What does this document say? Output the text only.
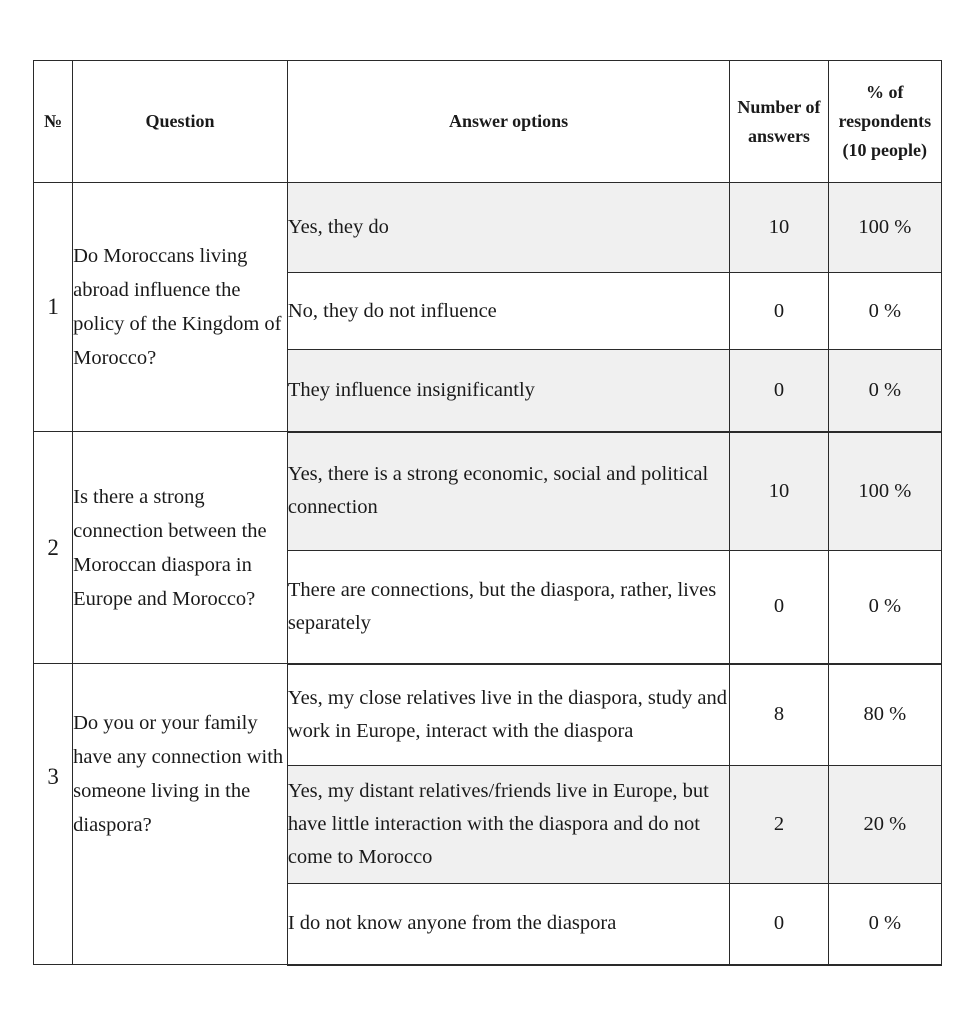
№	Question	Answer options	Number of answers	% of respondents (10 people)
1	Do Moroccans living abroad influence the policy of the Kingdom of Morocco?	Yes, they do	10	100 %
		No, they do not influence	0	0 %
		They influence insignificantly	0	0 %
2	Is there a strong connection between the Moroccan diaspora in Europe and Morocco?	Yes, there is a strong economic, social and political connection	10	100 %
		There are connections, but the diaspora, rather, lives separately	0	0 %
3	Do you or your family have any connection with someone living in the diaspora?	Yes, my close relatives live in the diaspora, study and work in Europe, interact with the diaspora	8	80 %
		Yes, my distant relatives/friends live in Europe, but have little interaction with the diaspora and do not come to Morocco	2	20 %
		I do not know anyone from the diaspora	0	0 %
